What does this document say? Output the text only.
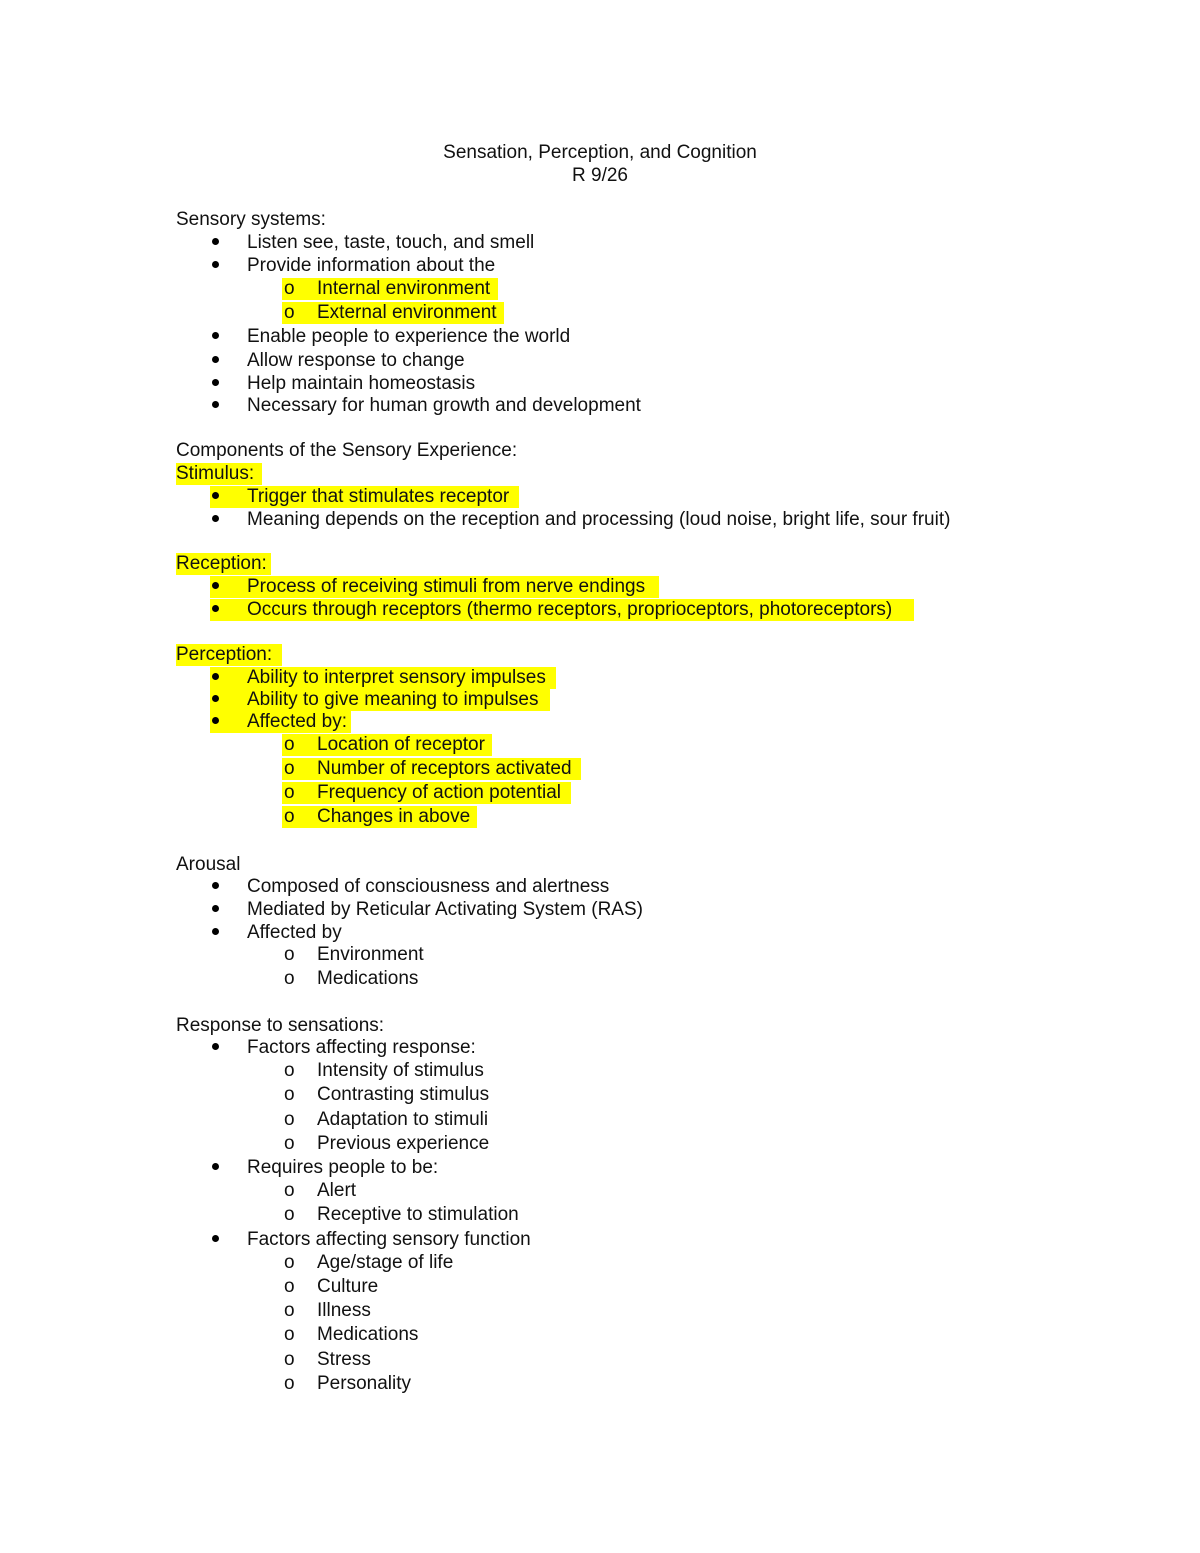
Sensation, Perception, and Cognition
R 9/26
Sensory systems:
Listen see, taste, touch, and smell
Provide information about the
o Internal environment
o External environment
Enable people to experience the world
Allow response to change
Help maintain homeostasis
Necessary for human growth and development
Components of the Sensory Experience:
Stimulus:
Trigger that stimulates receptor
Meaning depends on the reception and processing (loud noise, bright life, sour fruit)
Reception:
Process of receiving stimuli from nerve endings
Occurs through receptors (thermo receptors, proprioceptors, photoreceptors)
Perception:
Ability to interpret sensory impulses
Ability to give meaning to impulses
Affected by:
o Location of receptor
o Number of receptors activated
o Frequency of action potential
o Changes in above
Arousal
Composed of consciousness and alertness
Mediated by Reticular Activating System (RAS)
Affected by
o Environment
o Medications
Response to sensations:
Factors affecting response:
o Intensity of stimulus
o Contrasting stimulus
o Adaptation to stimuli
o Previous experience
Requires people to be:
o Alert
o Receptive to stimulation
Factors affecting sensory function
o Age/stage of life
o Culture
o Illness
o Medications
o Stress
o Personality
